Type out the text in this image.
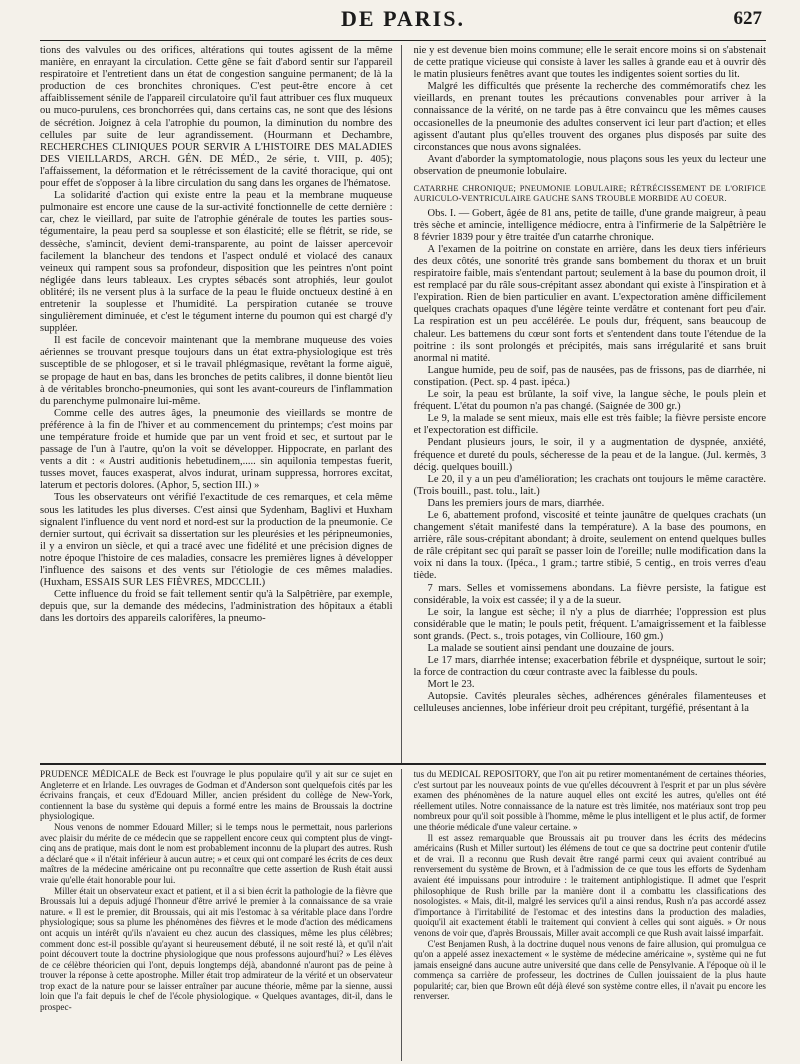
DE PARIS.	627

tions des valvules ou des orifices, altérations qui toutes agissent de la même manière, en enrayant la circulation. Cette gêne se fait d'abord sentir sur l'appareil respiratoire et l'entretient dans un état de congestion sanguine permanent; de là la production de ces bronchites chroniques. C'est peut-être encore à cet affaiblissement sénile de l'appareil circulatoire qu'il faut attribuer ces flux muqueux ou muco-purulens, ces bronchorrées qui, dans certains cas, ne sont que des lésions de sécrétion. Joignez à cela l'atrophie du poumon, la diminution du nombre des cellules par suite de leur agrandissement. (Hourmann et Dechambre, RECHERCHES CLINIQUES POUR SERVIR A L'HISTOIRE DES MALADIES DES VIEILLARDS, ARCH. GÉN. DE MÉD., 2e série, t. VIII, p. 405); l'affaissement, la déformation et le rétrécissement de la cavité thoracique, qui ont pour effet de s'opposer à la libre circulation du sang dans les organes de l'hématose.

La solidarité d'action qui existe entre la peau et la membrane muqueuse pulmonaire est encore une cause de la sur-activité fonctionnelle de cette dernière : car, chez le vieillard, par suite de l'atrophie générale de toutes les parties sous-tégumentaire, la peau perd sa souplesse et son élasticité; elle se flétrit, se ride, se dessèche, s'amincit, devient demi-transparente, au point de laisser apercevoir facilement la blancheur des tendons et l'aspect ondulé et violacé des canaux veineux qui rampent sous sa profondeur, disposition que les peintres n'ont point négligée dans leurs tableaux. Les cryptes sébacés sont atrophiés, leur goulot oblitéré; ils ne versent plus à la surface de la peau le fluide onctueux destiné à en entretenir la souplesse et l'humidité. La perspiration cutanée se trouve singulièrement diminuée, et c'est le tégument interne du poumon qui est chargé d'y suppléer.

Il est facile de concevoir maintenant que la membrane muqueuse des voies aériennes se trouvant presque toujours dans un état extra-physiologique est très susceptible de se phlogoser, et si le travail phlégmasique, revêtant la forme aiguë, se propage de haut en bas, dans les bronches de petits calibres, il donne bientôt lieu à de véritables broncho-pneumonies, qui sont les avant-coureurs de l'inflammation du parenchyme pulmonaire lui-même.

Comme celle des autres âges, la pneumonie des vieillards se montre de préférence à la fin de l'hiver et au commencement du printemps; c'est moins par une température froide et humide que par un vent froid et sec, et surtout par le passage de l'un à l'autre, qu'on la voit se développer. Hippocrate, en parlant des vents a dit : « Austri auditionis hebetudinem,..... sin aquilonia tempestas fuerit, tusses movet, fauces exasperat, alvos indurat, urinam suppressa, horrores excitat, laterum et pectoris dolores. (Aphor, 5, section III.) »

Tous les observateurs ont vérifié l'exactitude de ces remarques, et cela même sous les latitudes les plus diverses. C'est ainsi que Sydenham, Baglivi et Huxham signalent l'influence du vent nord et nord-est sur la production de la pneumonie. Ce dernier surtout, qui écrivait sa dissertation sur les pleurésies et les péripneumonies, il y a environ un siècle, et qui a tracé avec une fidélité et une précision dignes de notre époque l'histoire de ces maladies, consacre les premières lignes à développer l'influence des saisons et des vents sur l'étiologie de ces mêmes maladies. (Huxham, ESSAIS SUR LES FIÈVRES, MDCCLII.)

Cette influence du froid se fait tellement sentir qu'à la Salpêtrière, par exemple, depuis que, sur la demande des médecins, l'administration des hôpitaux a établi dans les dortoirs des appareils calorifères, la pneumo-

nie y est devenue bien moins commune; elle le serait encore moins si on s'abstenait de cette pratique vicieuse qui consiste à laver les salles à grande eau et à ouvrir dès le matin plusieurs fenêtres avant que toutes les indigentes soient sorties du lit.

Malgré les difficultés que présente la recherche des commémoratifs chez les vieillards, en prenant toutes les précautions convenables pour arriver à la connaissance de la vérité, on ne tarde pas à être convaincu que les mêmes causes occasionelles de la pneumonie des adultes conservent ici leur part d'action; et elles agissent d'autant plus qu'elles trouvent des organes plus disposés par suite des circonstances que nous avons signalées.

Avant d'aborder la symptomatologie, nous plaçons sous les yeux du lecteur une observation de pneumonie lobulaire.

CATARRHE CHRONIQUE; PNEUMONIE LOBULAIRE; RÉTRÉCISSEMENT DE L'ORIFICE AURICULO-VENTRICULAIRE GAUCHE SANS TROUBLE MORBIDE AU COEUR.

Obs. I. — Gobert, âgée de 81 ans, petite de taille, d'une grande maigreur, à peau très sèche et amincie, intelligence médiocre, entra à l'infirmerie de la Salpêtrière le 8 février 1839 pour y être traitée d'un catarrhe chronique.

A l'examen de la poitrine on constate en arrière, dans les deux tiers inférieurs des deux côtés, une sonorité très grande sans bombement du thorax et un bruit respiratoire faible, mais s'entendant partout; seulement à la base du poumon droit, il est remplacé par du râle sous-crépitant assez abondant qui existe à l'inspiration et à l'expiration. Rien de bien particulier en avant. L'expectoration amène difficilement quelques crachats opaques d'une légère teinte verdâtre et contenant fort peu d'air. La respiration est un peu accélérée. Le pouls dur, fréquent, sans beaucoup de chaleur. Les battemens du cœur sont forts et s'entendent dans toute l'étendue de la poitrine : ils sont prolongés et précipités, mais sans irrégularité et sans bruit anormal ni matité.

Langue humide, peu de soif, pas de nausées, pas de frissons, pas de diarrhée, ni constipation. (Pect. sp. 4 past. ipéca.)

Le soir, la peau est brûlante, la soif vive, la langue sèche, le pouls plein et fréquent. L'état du poumon n'a pas changé. (Saignée de 300 gr.)

Le 9, la malade se sent mieux, mais elle est très faible; la fièvre persiste encore et l'expectoration est difficile.

Pendant plusieurs jours, le soir, il y a augmentation de dyspnée, anxiété, fréquence et dureté du pouls, sécheresse de la peau et de la langue. (Jul. kermès, 3 décig. quelques bouill.)

Le 20, il y a un peu d'amélioration; les crachats ont toujours le même caractère. (Trois bouill., past. tolu., lait.)

Dans les premiers jours de mars, diarrhée.

Le 6, abattement profond, viscosité et teinte jaunâtre de quelques crachats (un changement s'était manifesté dans la température). A la base des poumons, en arrière, râle sous-crépitant abondant; à droite, seulement on entend quelques bulles de râle crépitant sec qui paraît se passer loin de l'oreille; nulle modification dans la voix ni dans la toux. (Ipéca., 1 gram.; tartre stibié, 5 centig., en trois verres d'eau tiède.

7 mars. Selles et vomissemens abondans. La fièvre persiste, la fatigue est considérable, la voix est cassée; il y a de la sueur.

Le soir, la langue est sèche; il n'y a plus de diarrhée; l'oppression est plus considérable que le matin; le pouls petit, fréquent. L'amaigrissement et la faiblesse sont grands. (Pect. s., trois potages, vin Collioure, 160 gm.)

La malade se soutient ainsi pendant une douzaine de jours.

Le 17 mars, diarrhée intense; exacerbation fébrile et dyspnéique, surtout le soir; la force de contraction du cœur contraste avec la faiblesse du pouls.

Mort le 23.

Autopsie. Cavités pleurales sèches, adhérences générales filamenteuses et celluleuses anciennes, lobe inférieur droit peu crépitant, turgéfié, présentant à la

PRUDENCE MÉDICALE de Beck est l'ouvrage le plus populaire qu'il y ait sur ce sujet en Angleterre et en Irlande. Les ouvrages de Godman et d'Anderson sont quelquefois cités par les écrivains français, et ceux d'Edouard Miller, ancien président du collège de New-York, contiennent la base du système qui depuis a formé entre les mains de Broussais la doctrine physiologique.

Nous venons de nommer Edouard Miller; si le temps nous le permettait, nous parlerions avec plaisir du mérite de ce médecin que se rappellent encore ceux qui comptent plus de vingt-cinq ans de pratique, mais dont le nom est probablement inconnu de la plupart des autres. Rush a déclaré que « il n'était inférieur à aucun autre; » et ceux qui ont comparé les écrits de ces deux maîtres de la médecine américaine ont pu reconnaître que cette assertion de Rush était aussi vraie qu'elle était honorable pour lui.

Miller était un observateur exact et patient, et il a si bien écrit la pathologie de la fièvre que Broussais lui a depuis adjugé l'honneur d'être arrivé le premier à la connaissance de sa vraie nature. « Il est le premier, dit Broussais, qui ait mis l'estomac à sa véritable place dans l'ordre physiologique; sous sa plume les phénomènes des fièvres et le mode d'action des médicamens ont acquis un intérêt qu'ils n'avaient eu chez aucun des classiques, même les plus célèbres; comment donc est-il possible qu'ayant si heureusement débuté, il ne soit resté là, et qu'il n'ait point découvert toute la doctrine physiologique que nous professons aujourd'hui? » Les élèves de ce célèbre théoricien qui l'ont, depuis longtemps déjà, abandonné n'auront pas de peine à trouver la réponse à cette apostrophe. Miller était trop admirateur de la vérité et un observateur trop exact de la nature pour se laisser entraîner par aucune théorie, même par la sienne, aussi loin que l'a fait depuis le chef de l'école physiologique. « Quelques avantages, dit-il, dans le prospec-

tus du MEDICAL REPOSITORY, que l'on ait pu retirer momentanément de certaines théories, c'est surtout par les nouveaux points de vue qu'elles découvrent à l'esprit et par un plus sévère examen des phénomènes de la nature auquel elles ont excité les autres, qu'elles ont été réellement utiles. Notre connaissance de la nature est très limitée, nos matériaux sont trop peu nombreux pour qu'il soit possible à l'homme, même le plus intelligent et le plus actif, de former une théorie médicale d'une valeur certaine. »

Il est assez remarquable que Broussais ait pu trouver dans les écrits des médecins américains (Rush et Miller surtout) les élémens de tout ce que sa doctrine peut contenir d'utile et de vrai. Il a reconnu que Rush devait être rangé parmi ceux qui avaient contribué au renversement du système de Brown, et à l'admission de ce que tous les efforts de Sydenham avaient été impuissans pour introduire : le traitement antiphlogistique. Il admet que l'esprit philosophique de Rush brille par la manière dont il a combattu les classifications des nosologistes. « Mais, dit-il, malgré les services qu'il a ainsi rendus, Rush n'a pas accordé assez d'importance à l'irritabilité de l'estomac et des intestins dans la production des maladies, quoiqu'il ait exactement établi le traitement qui convient à celles qui sont aiguës. » Or nous venons de voir que, d'après Broussais, Miller avait accompli ce que Rush avait laissé imparfait.

C'est Benjamen Rush, à la doctrine duquel nous venons de faire allusion, qui promulgua ce qu'on a appelé assez inexactement « le système de médecine américaine », système qui ne fut jamais enseigné dans aucune autre université que dans celle de Pensylvanie. A l'époque où il le commença sa carrière de professeur, les doctrines de Cullen jouissaient de la plus haute popularité; car, bien que Brown eût déjà élevé son système contre elles, il n'avait pu encore les renverser.
